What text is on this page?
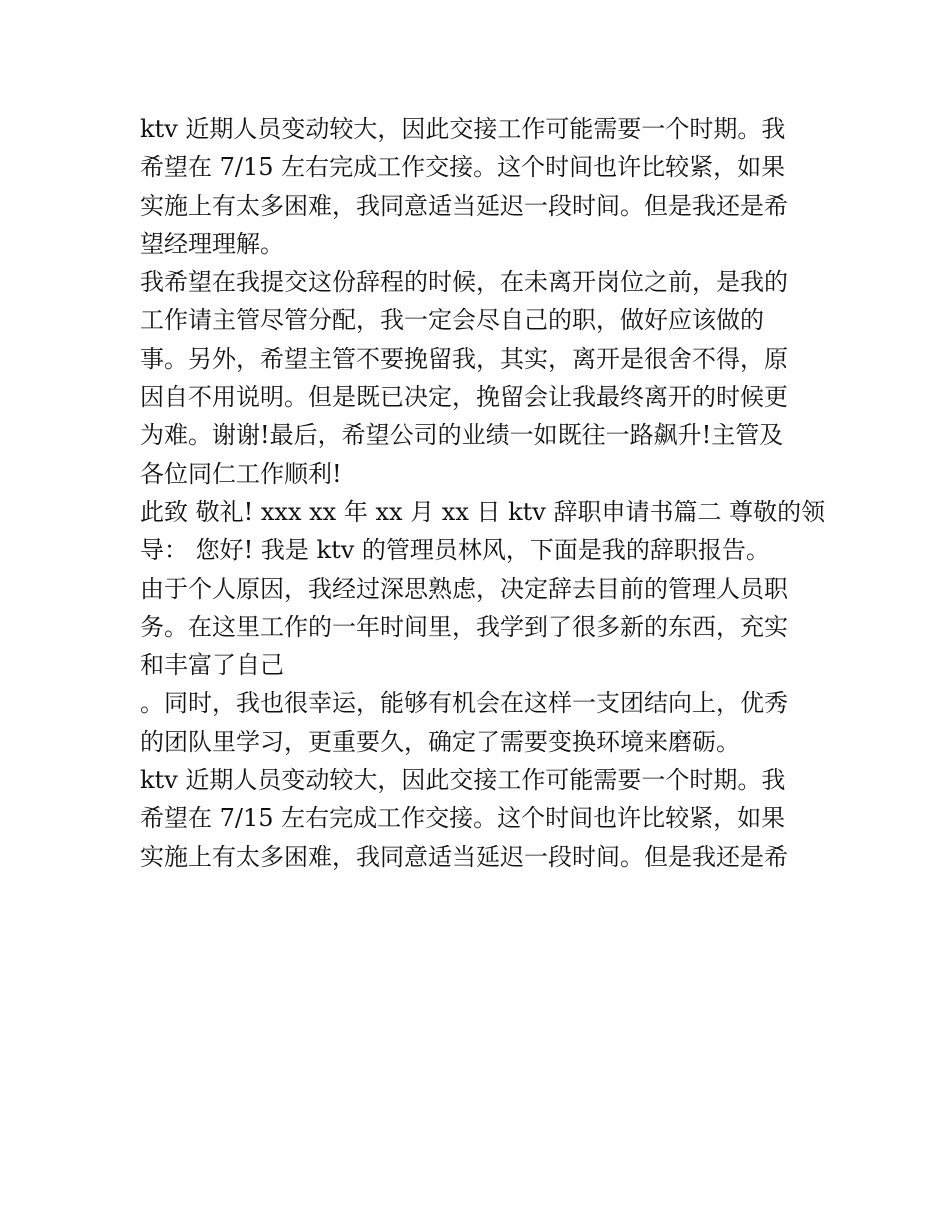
ktv 近期人员变动较大，因此交接工作可能需要一个时期。我
希望在 7/15 左右完成工作交接。这个时间也许比较紧，如果
实施上有太多困难，我同意适当延迟一段时间。但是我还是希
望经理理解。
我希望在我提交这份辞程的时候，在未离开岗位之前，是我的
工作请主管尽管分配，我一定会尽自己的职，做好应该做的
事。另外，希望主管不要挽留我，其实，离开是很舍不得，原
因自不用说明。但是既已决定，挽留会让我最终离开的时候更
为难。谢谢!最后，希望公司的业绩一如既往一路飙升!主管及
各位同仁工作顺利!
此致 敬礼! xxx xx 年 xx 月 xx 日 ktv 辞职申请书篇二 尊敬的领
导： 您好! 我是 ktv 的管理员林风，下面是我的辞职报告。
由于个人原因，我经过深思熟虑，决定辞去目前的管理人员职
务。在这里工作的一年时间里，我学到了很多新的东西，充实
和丰富了自己
。同时，我也很幸运，能够有机会在这样一支团结向上，优秀
的团队里学习，更重要久，确定了需要变换环境来磨砺。
ktv 近期人员变动较大，因此交接工作可能需要一个时期。我
希望在 7/15 左右完成工作交接。这个时间也许比较紧，如果
实施上有太多困难，我同意适当延迟一段时间。但是我还是希
